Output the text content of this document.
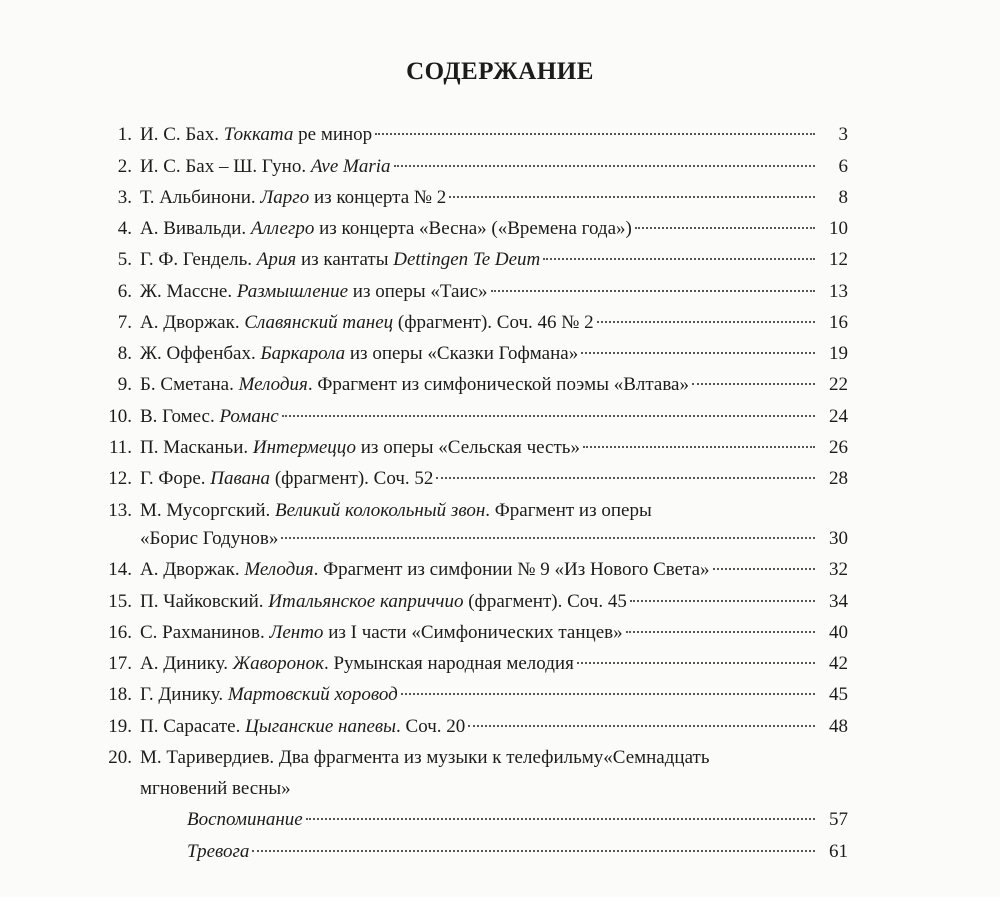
СОДЕРЖАНИЕ
1. И. С. Бах. Токката ре минор	3
2. И. С. Бах – Ш. Гуно. Ave Maria	6
3. Т. Альбинони. Ларго из концерта № 2	8
4. А. Вивальди. Аллегро из концерта «Весна» («Времена года»)	10
5. Г. Ф. Гендель. Ария из кантаты Dettingen Te Deum	12
6. Ж. Массне. Размышление из оперы «Таис»	13
7. А. Дворжак. Славянский танец (фрагмент). Соч. 46 № 2	16
8. Ж. Оффенбах. Баркарола из оперы «Сказки Гофмана»	19
9. Б. Сметана. Мелодия. Фрагмент из симфонической поэмы «Влтава»	22
10. В. Гомес. Романс	24
11. П. Масканьи. Интермеццо из оперы «Сельская честь»	26
12. Г. Форе. Павана (фрагмент). Соч. 52	28
13. М. Мусоргский. Великий колокольный звон. Фрагмент из оперы
«Борис Годунов»	30
14. А. Дворжак. Мелодия. Фрагмент из симфонии № 9 «Из Нового Света»	32
15. П. Чайковский. Итальянское каприччио (фрагмент). Соч. 45	34
16. С. Рахманинов. Ленто из I части «Симфонических танцев»	40
17. А. Динику. Жаворонок. Румынская народная мелодия	42
18. Г. Динику. Мартовский хоровод	45
19. П. Сарасате. Цыганские напевы. Соч. 20	48
20. М. Таривердиев. Два фрагмента из музыки к телефильму«Семнадцать
мгновений весны»
Воспоминание	57
Тревога	61
